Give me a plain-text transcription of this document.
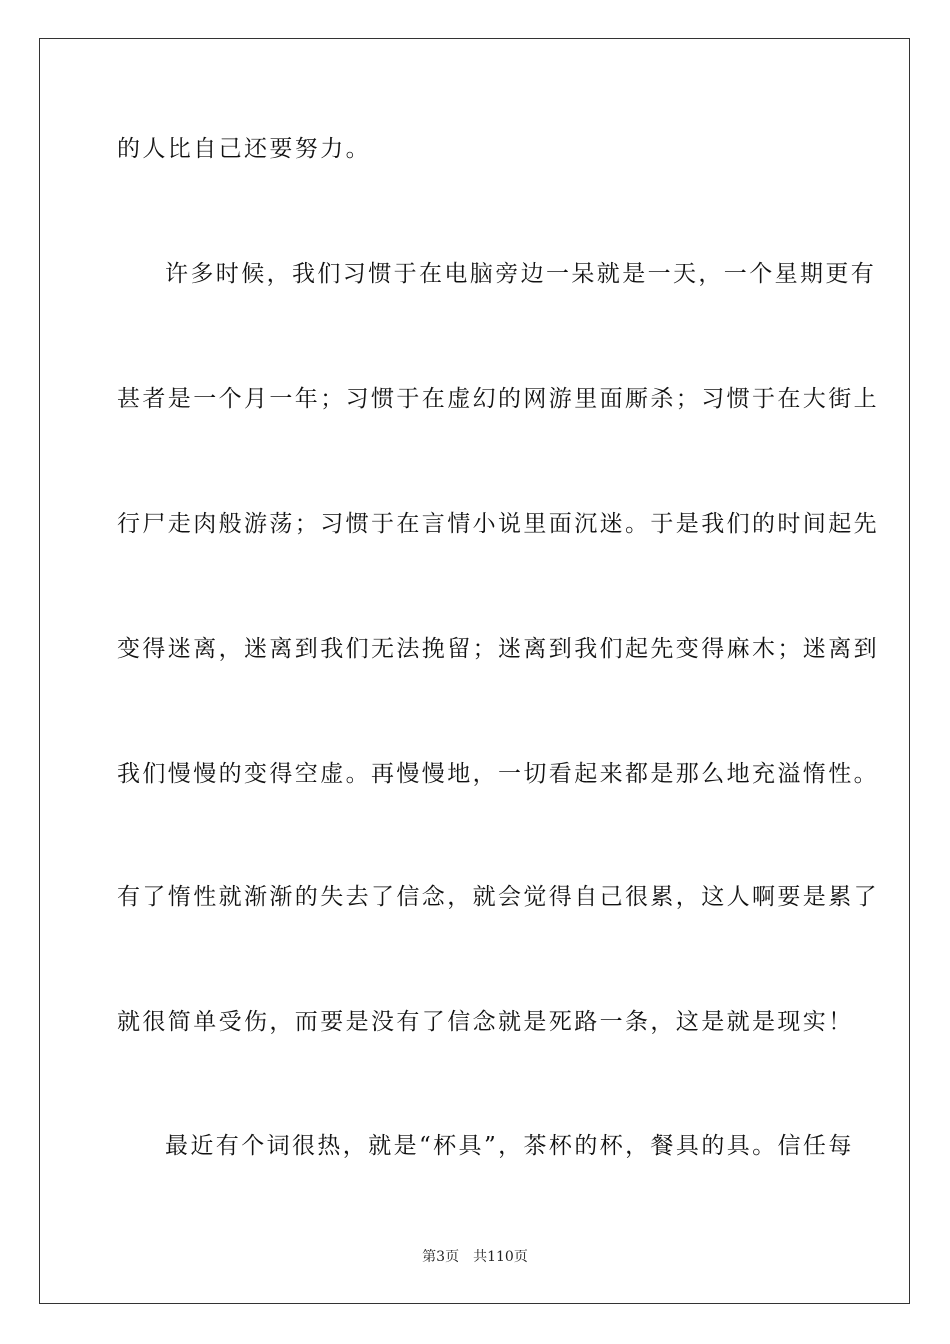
的人比自己还要努力。
许多时候，我们习惯于在电脑旁边一呆就是一天，一个星期更有
甚者是一个月一年；习惯于在虚幻的网游里面厮杀；习惯于在大街上
行尸走肉般游荡；习惯于在言情小说里面沉迷。于是我们的时间起先
变得迷离，迷离到我们无法挽留；迷离到我们起先变得麻木；迷离到
我们慢慢的变得空虚。再慢慢地，一切看起来都是那么地充溢惰性。
有了惰性就渐渐的失去了信念，就会觉得自己很累，这人啊要是累了
就很简单受伤，而要是没有了信念就是死路一条，这是就是现实！
最近有个词很热，就是“杯具”，茶杯的杯，餐具的具。信任每
第3页 共110页
